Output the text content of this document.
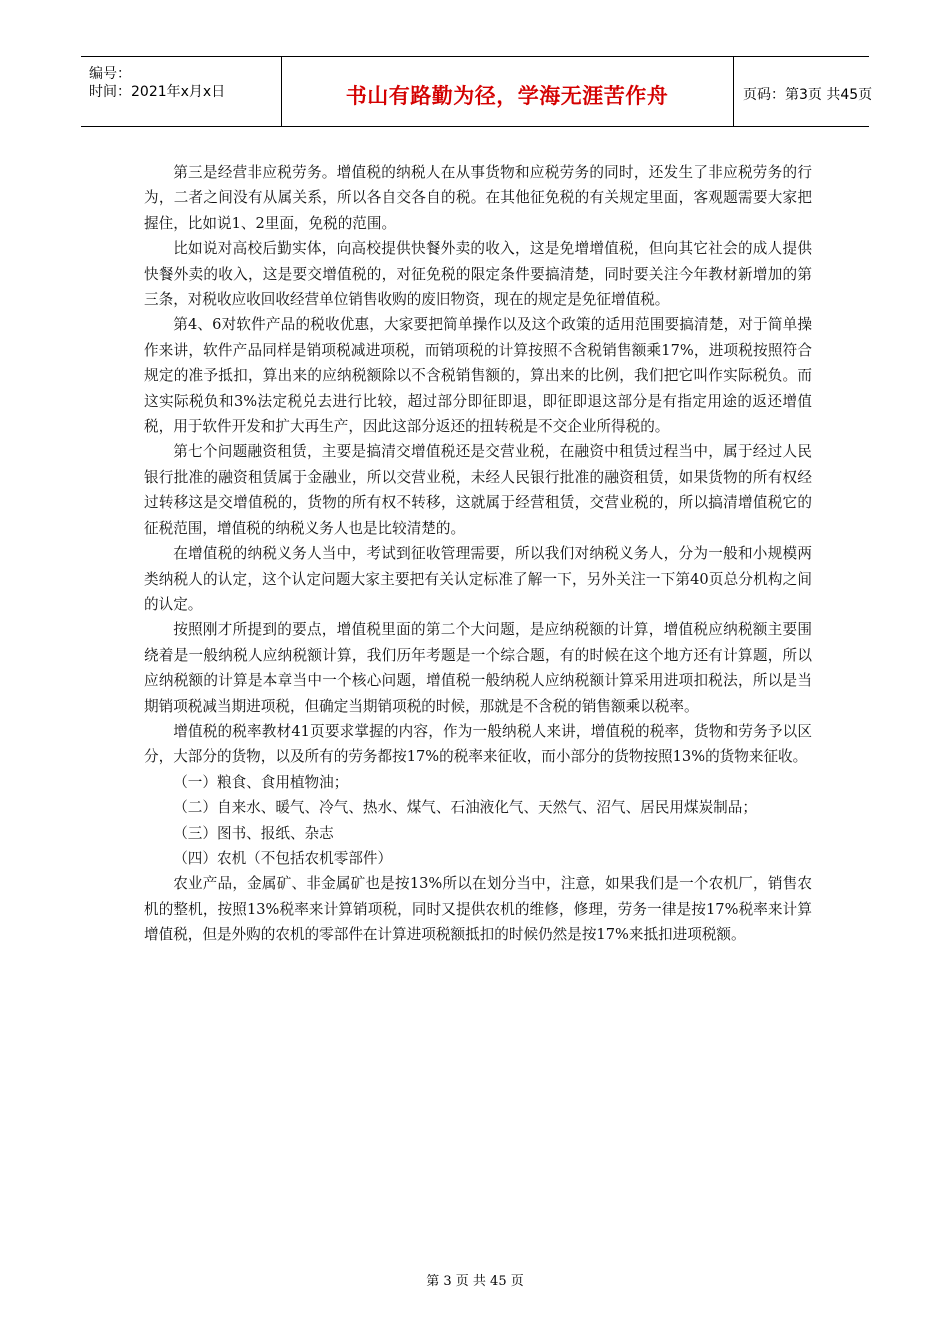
编号：
时间：2021年x月x日	书山有路勤为径，学海无涯苦作舟	页码：第3页 共45页

第三是经营非应税劳务。增值税的纳税人在从事货物和应税劳务的同时，还发生了非应税劳务的行为，二者之间没有从属关系，所以各自交各自的税。在其他征免税的有关规定里面，客观题需要大家把握住，比如说1、2里面，免税的范围。

比如说对高校后勤实体，向高校提供快餐外卖的收入，这是免增增值税，但向其它社会的成人提供快餐外卖的收入，这是要交增值税的，对征免税的限定条件要搞清楚，同时要关注今年教材新增加的第三条，对税收应收回收经营单位销售收购的废旧物资，现在的规定是免征增值税。

第4、6对软件产品的税收优惠，大家要把简单操作以及这个政策的适用范围要搞清楚，对于简单操作来讲，软件产品同样是销项税减进项税，而销项税的计算按照不含税销售额乘17%，进项税按照符合规定的准予抵扣，算出来的应纳税额除以不含税销售额的，算出来的比例，我们把它叫作实际税负。而这实际税负和3%法定税兑去进行比较，超过部分即征即退，即征即退这部分是有指定用途的返还增值税，用于软件开发和扩大再生产，因此这部分返还的扭转税是不交企业所得税的。

第七个问题融资租赁，主要是搞清交增值税还是交营业税，在融资中租赁过程当中，属于经过人民银行批准的融资租赁属于金融业，所以交营业税，未经人民银行批准的融资租赁，如果货物的所有权经过转移这是交增值税的，货物的所有权不转移，这就属于经营租赁，交营业税的，所以搞清增值税它的征税范围，增值税的纳税义务人也是比较清楚的。

在增值税的纳税义务人当中，考试到征收管理需要，所以我们对纳税义务人，分为一般和小规模两类纳税人的认定，这个认定问题大家主要把有关认定标准了解一下，另外关注一下第40页总分机构之间的认定。

按照刚才所提到的要点，增值税里面的第二个大问题，是应纳税额的计算，增值税应纳税额主要围绕着是一般纳税人应纳税额计算，我们历年考题是一个综合题，有的时候在这个地方还有计算题，所以应纳税额的计算是本章当中一个核心问题，增值税一般纳税人应纳税额计算采用进项扣税法，所以是当期销项税减当期进项税，但确定当期销项税的时候，那就是不含税的销售额乘以税率。

增值税的税率教材41页要求掌握的内容，作为一般纳税人来讲，增值税的税率，货物和劳务予以区分，大部分的货物，以及所有的劳务都按17%的税率来征收，而小部分的货物按照13%的货物来征收。

（一）粮食、食用植物油；

（二）自来水、暖气、冷气、热水、煤气、石油液化气、天然气、沼气、居民用煤炭制品；

（三）图书、报纸、杂志

（四）农机（不包括农机零部件）

农业产品，金属矿、非金属矿也是按13%所以在划分当中，注意，如果我们是一个农机厂，销售农机的整机，按照13%税率来计算销项税，同时又提供农机的维修，修理，劳务一律是按17%税率来计算增值税，但是外购的农机的零部件在计算进项税额抵扣的时候仍然是按17%来抵扣进项税额。

第 3 页 共 45 页
